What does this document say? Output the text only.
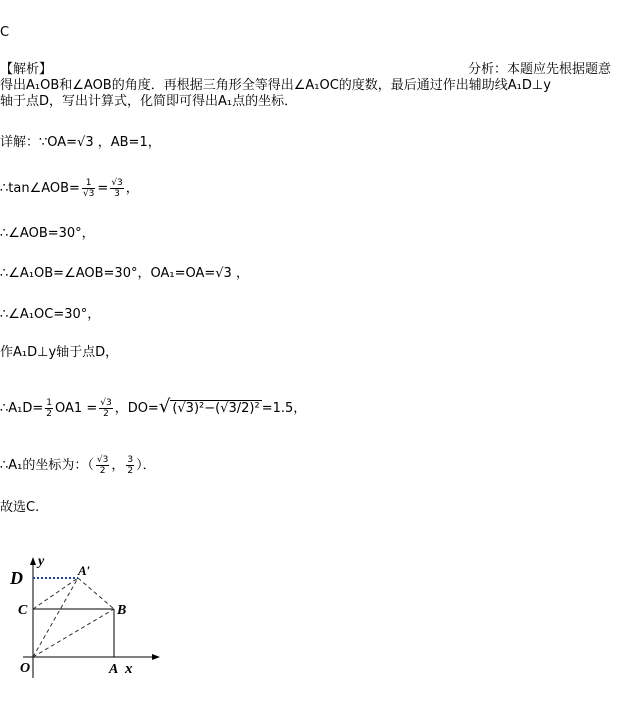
C
【解析】	分析：本题应先根据题意
得出A₁OB和∠AOB的角度．再根据三角形全等得出∠A₁OC的度数，最后通过作出辅助线A₁D⊥y
轴于点D，写出计算式，化简即可得出A₁点的坐标．
详解：∵OA=√3 ，AB=1，
∴tan∠AOB= $\frac{1}{√3} = \frac{√3}{3}$ ，
∴∠AOB=30°，
∴∠A₁OB=∠AOB=30°，OA₁=OA=√3 ，
∴∠A₁OC=30°，
作A₁D⊥y轴于点D，
∴A₁D= $\frac{1}{2} OA1 = \frac{√3}{2}$ ，DO=√ (√3)²−(√3/2)² =1.5，
∴A₁的坐标为：（ $\frac{√3}{2}$ ， $\frac{3}{2}$ ）．
故选C.
y
D	A′
C	B
O	A x
